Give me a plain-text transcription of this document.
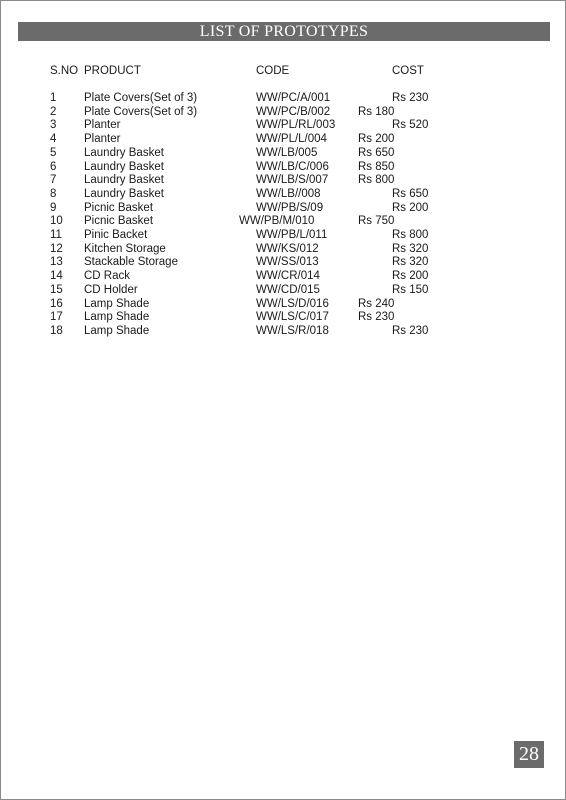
LIST OF PROTOTYPES
S.NO PRODUCT	CODE	COST
1 Plate Covers(Set of 3)	WW/PC/A/001	Rs 230
2 Plate Covers(Set of 3)	WW/PC/B/002 Rs 180
3 Planter	WW/PL/RL/003	Rs 520
4 Planter	WW/PL/L/004	Rs 200
5 Laundry Basket	WW/LB/005	Rs 650
6 Laundry Basket	WW/LB/C/006	Rs 850
7 Laundry Basket	WW/LB/S/007	Rs 800
8 Laundry Basket	WW/LB//008	Rs 650
9 Picnic Basket	WW/PB/S/09	Rs 200
10 Picnic Basket	WW/PB/M/010	Rs 750
11 Pinic Backet	WW/PB/L/011	Rs 800
12 Kitchen Storage	WW/KS/012	Rs 320
13 Stackable Storage	WW/SS/013	Rs 320
14 CD Rack	WW/CR/014	Rs 200
15 CD Holder	WW/CD/015	Rs 150
16 Lamp Shade	WW/LS/D/016	Rs 240
17 Lamp Shade	WW/LS/C/017	Rs 230
18 Lamp Shade	WW/LS/R/018	Rs 230
28
